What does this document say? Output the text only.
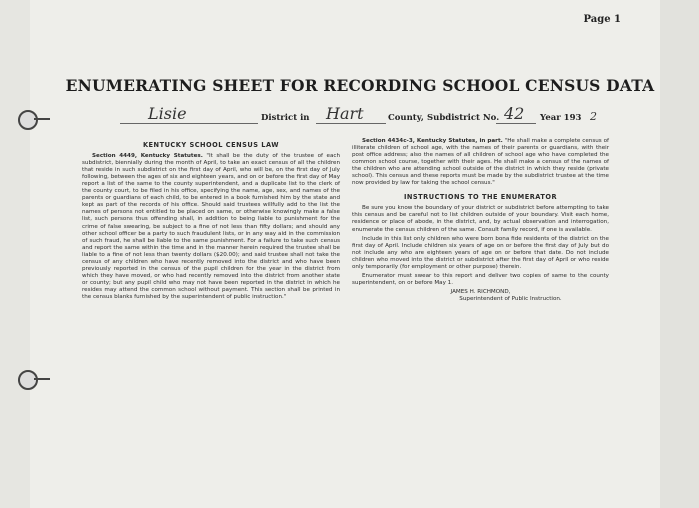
Page 1
ENUMERATING SHEET FOR RECORDING SCHOOL CENSUS DATA
Lisie	District in Hart	County, Subdistrict No. 42 Year 193 2

KENTUCKY SCHOOL CENSUS LAW

Section 4449, Kentucky Statutes. "It shall be the duty of the trustee of each subdistrict, biennially during the month of April, to take an exact census of all the children that reside in such subdistrict on the first day of April, who will be, on the first day of July following, between the ages of six and eighteen years, and on or before the first day of May report a list of the same to the county superintendent, and a duplicate list to the clerk of the county court, to be filed in his office, specifying the name, age, sex, and names of the parents or guardians of each child, to be entered in a book furnished him by the state and kept as part of the records of his office. Should said trustees willfully add to the list the names of persons not entitled to be placed on same, or otherwise knowingly make a false list, such persons thus offending shall, in addition to being liable to punishment for the crime of false swearing, be subject to a fine of not less than fifty dollars; and should any other school officer be a party to such fraudulent lists, or in any way aid in the commission of such fraud, he shall be liable to the same punishment. For a failure to take such census and report the same within the time and in the manner herein required the trustee shall be liable to a fine of not less than twenty dollars ($20.00); and said trustee shall not take the census of any children who have recently removed into the district and who have been previously reported in the census of the pupil children for the year in the district from which they have moved, or who had recently removed into the district from another state or county; but any pupil child who may not have been reported in the district in which he resides may attend the common school without payment. This section shall be printed in the census blanks furnished by the superintendent of public instruction."

Section 4434c-3, Kentucky Statutes, in part. "He shall make a complete census of illiterate children of school age, with the names of their parents or guardians, with their post office address; also the names of all children of school age who have completed the common school course, together with their ages. He shall make a census of the names of the children who are attending school outside of the district in which they reside (private school). This census and these reports must be made by the subdistrict trustee at the time now provided by law for taking the school census."

INSTRUCTIONS TO THE ENUMERATOR

Be sure you know the boundary of your district or subdistrict before attempting to take this census and be careful not to list children outside of your boundary. Visit each home, residence or place of abode, in the district, and, by actual observation and interrogation, enumerate the census children of the same. Consult family record, if one is available.

Include in this list only children who were born bona fide residents of the district on the first day of April. Include children six years of age on or before the first day of July but do not include any who are eighteen years of age on or before that date. Do not include children who moved into the district or subdistrict after the first day of April or who reside only temporarily (for employment or other purpose) therein.

Enumerator must swear to this report and deliver two copies of same to the county superintendent, on or before May 1.

JAMES H. RICHMOND,

Superintendent of Public Instruction.
